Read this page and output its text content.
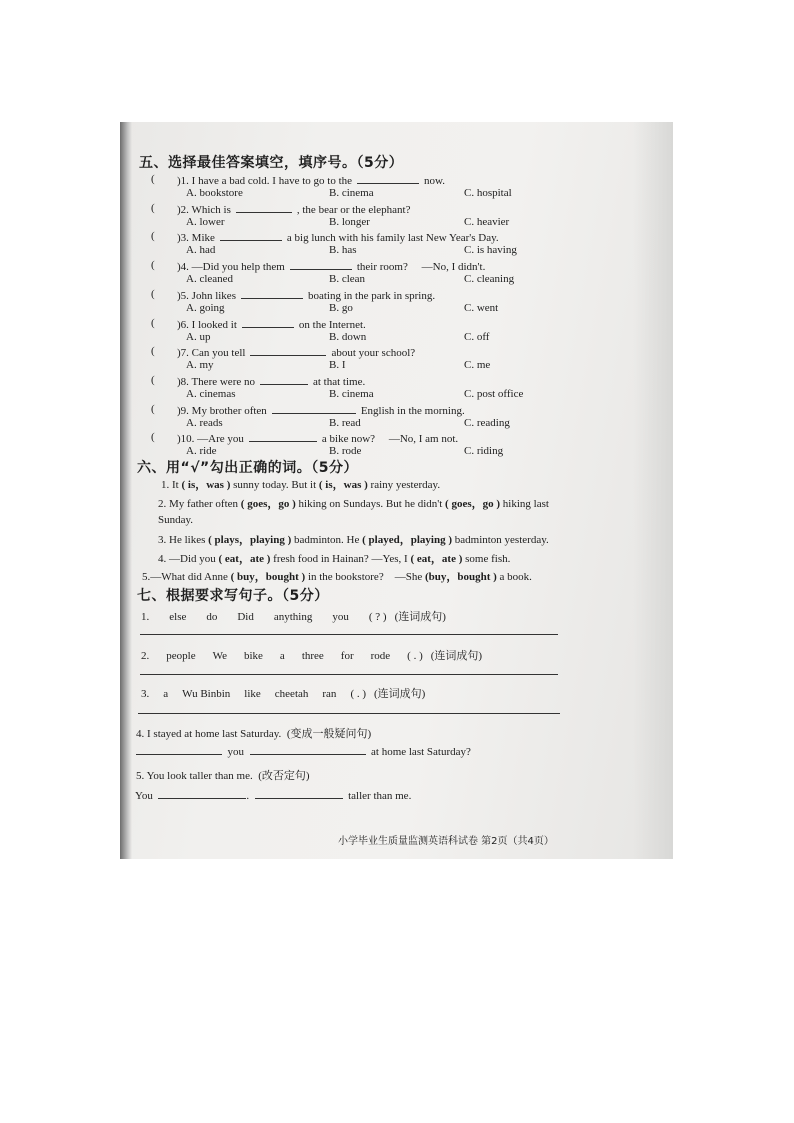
五、选择最佳答案填空，填序号。（5分）
( )1. I have a bad cold. I have to go to the	now.
A. bookstore	B. cinema	C. hospital
( )2. Which is	, the bear or the elephant?
A. lower	B. longer	C. heavier
( )3. Mike	a big lunch with his family last New Year's Day.
A. had	B. has	C. is having
( )4. —Did you help them	their room? —No, I didn't.
A. cleaned	B. clean	C. cleaning
( )5. John likes	boating in the park in spring.
A. going	B. go	C. went
( )6. I looked it	on the Internet.
A. up	B. down	C. off
( )7. Can you tell	about your school?
A. my	B. I	C. me
( )8. There were no	at that time.
A. cinemas	B. cinema	C. post office
( )9. My brother often	English in the morning.
A. reads	B. read	C. reading
( )10. —Are you	a bike now? —No, I am not.
A. ride	B. rode	C. riding
六、用“√”勾出正确的词。（5分）
1. It ( is，was ) sunny today. But it ( is，was ) rainy yesterday.
2. My father often ( goes，go ) hiking on Sundays. But he didn't ( goes，go ) hiking last
Sunday.
3. He likes ( plays，playing ) badminton. He ( played，playing ) badminton yesterday.
4. —Did you ( eat，ate ) fresh food in Hainan? —Yes, I ( eat，ate ) some fish.
5.—What did Anne ( buy，bought ) in the bookstore? —She (buy，bought ) a book.
七、根据要求写句子。（5分）
1. else do Did anything you ( ? ) (连词成句)
2. people We bike a three for rode ( . ) (连词成句)
3. a Wu Binbin like cheetah ran ( . ) (连词成句)
4. I stayed at home last Saturday. (变成一般疑问句)
you	at home last Saturday?
5. You look taller than me. (改否定句)
You	.	taller than me.
小学毕业生质量监测英语科试卷 第2页（共4页）
